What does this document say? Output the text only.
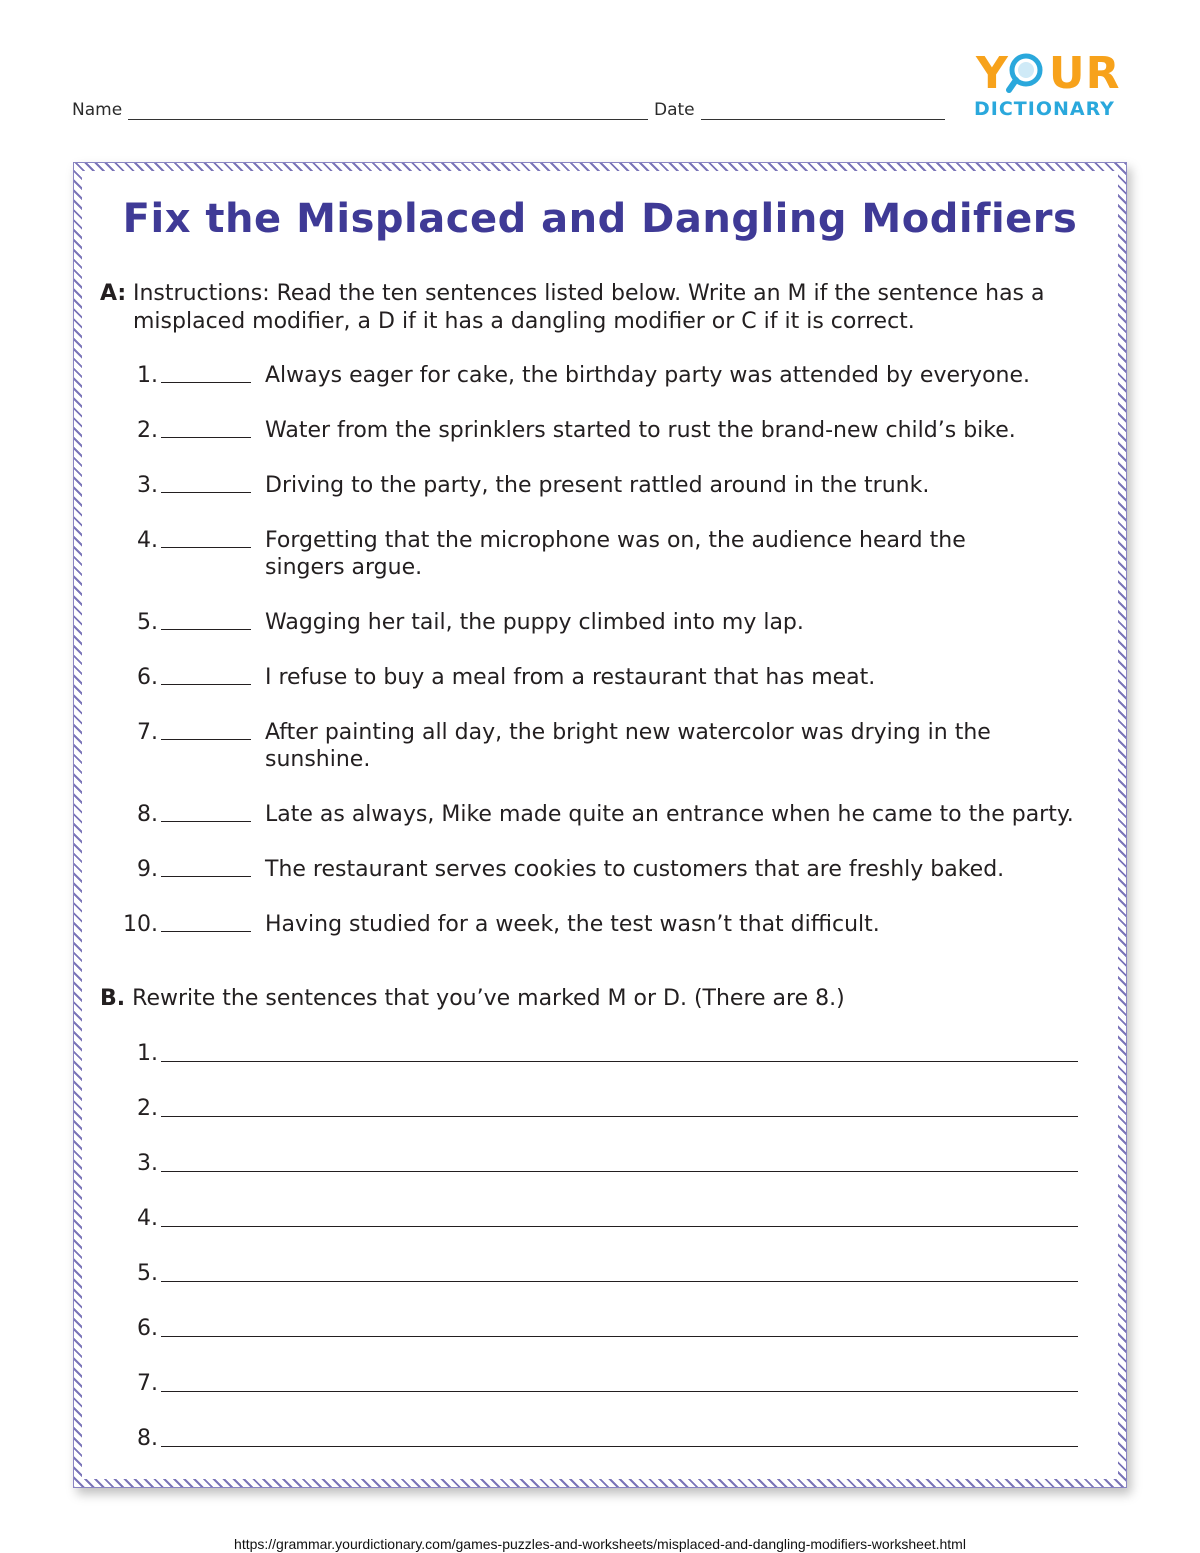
Name	Date
Y UR
DICTIONARY
Fix the Misplaced and Dangling Modifiers
A: Instructions: Read the ten sentences listed below. Write an M if the sentence has a misplaced modifier, a D if it has a dangling modifier or C if it is correct.
1.	Always eager for cake, the birthday party was attended by everyone.
2.	Water from the sprinklers started to rust the brand-new child’s bike.
3.	Driving to the party, the present rattled around in the trunk.
4.	Forgetting that the microphone was on, the audience heard the singers argue.
5.	Wagging her tail, the puppy climbed into my lap.
6.	I refuse to buy a meal from a restaurant that has meat.
7.	After painting all day, the bright new watercolor was drying in the sunshine.
8.	Late as always, Mike made quite an entrance when he came to the party.
9.	The restaurant serves cookies to customers that are freshly baked.
10.	Having studied for a week, the test wasn’t that difficult.
B. Rewrite the sentences that you’ve marked M or D. (There are 8.)
1.
2.
3.
4.
5.
6.
7.
8.
https://grammar.yourdictionary.com/games-puzzles-and-worksheets/misplaced-and-dangling-modifiers-worksheet.html
